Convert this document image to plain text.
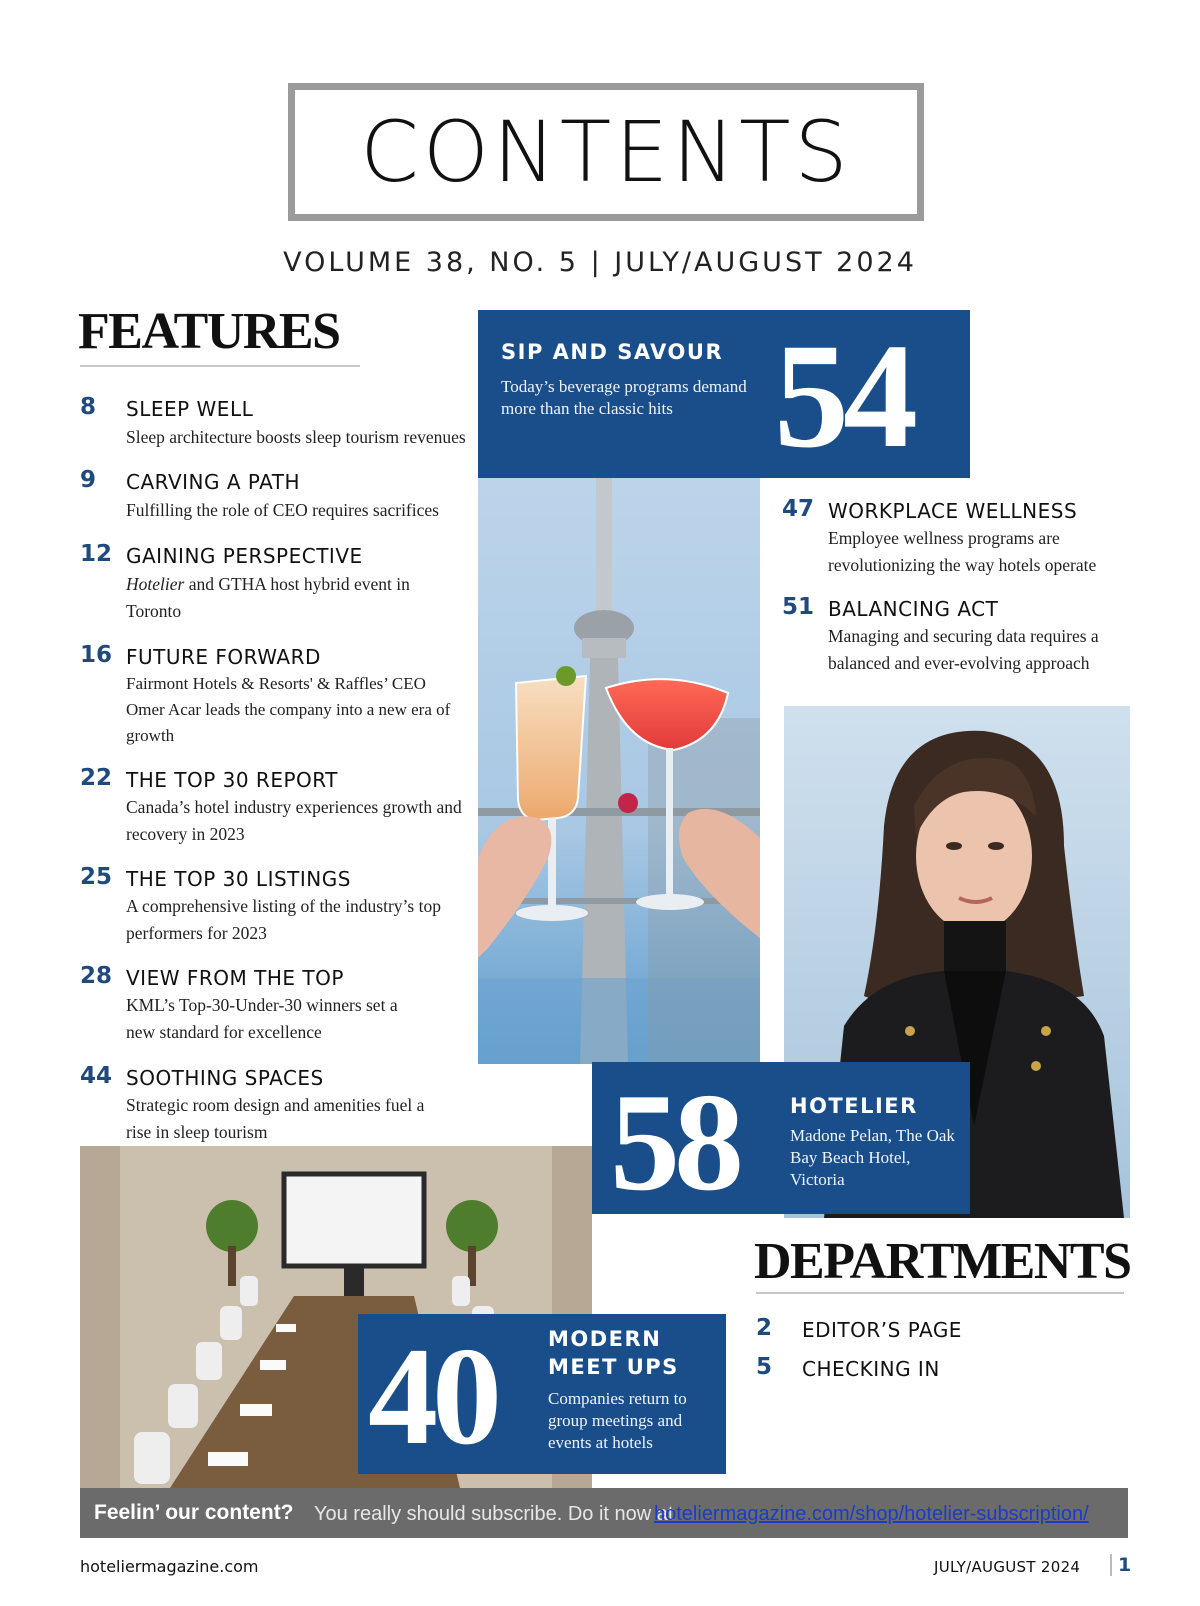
CONTENTS
VOLUME 38, NO. 5 | JULY/AUGUST 2024
FEATURES
8 SLEEP WELL
Sleep architecture boosts sleep tourism revenues
9 CARVING A PATH
Fulfilling the role of CEO requires sacrifices
12 GAINING PERSPECTIVE
Hotelier and GTHA host hybrid event in Toronto
16 FUTURE FORWARD
Fairmont Hotels & Resorts' & Raffles’ CEO Omer Acar leads the company into a new era of growth
22 THE TOP 30 REPORT
Canada’s hotel industry experiences growth and recovery in 2023
25 THE TOP 30 LISTINGS
A comprehensive listing of the industry’s top performers for 2023
28 VIEW FROM THE TOP
KML’s Top-30-Under-30 winners set a new standard for excellence
44 SOOTHING SPACES
Strategic room design and amenities fuel a rise in sleep tourism
SIP AND SAVOUR
Today’s beverage programs demand more than the classic hits 54
47 WORKPLACE WELLNESS
Employee wellness programs are revolutionizing the way hotels operate
51 BALANCING ACT
Managing and securing data requires a balanced and ever-evolving approach
58 HOTELIER
Madone Pelan, The Oak Bay Beach Hotel, Victoria
40 MODERN
MEET UPS
Companies return to group meetings and events at hotels
DEPARTMENTS
2 EDITOR’S PAGE
5 CHECKING IN
Feelin’ our content? You really should subscribe. Do it now at
hoteliermagazine.com/shop/hotelier-subscription/
hoteliermagazine.com	JULY/AUGUST 2024 1
